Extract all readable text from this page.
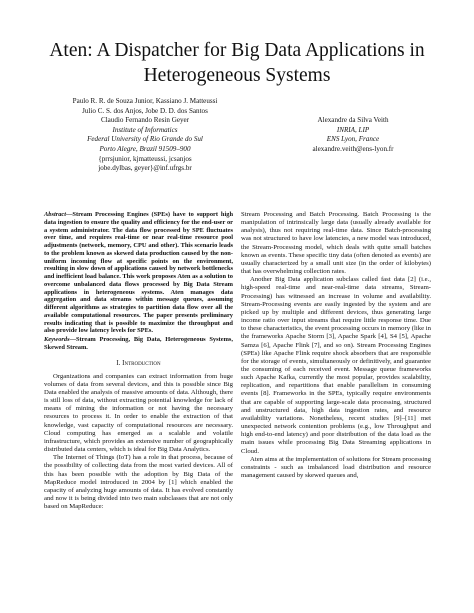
Aten: A Dispatcher for Big Data Applications in Heterogeneous Systems
Paulo R. R. de Souza Junior, Kassiano J. Matteussi
Julio C. S. dos Anjos, Jobe D. D. dos Santos
Claudio Fernando Resin Geyer
Institute of Informatics
Federal University of Rio Grande do Sul
Porto Alegre, Brazil 91509–900
{prrsjunior, kjmatteussi, jcsanjos
jobe.dylbas, geyer}@inf.ufrgs.br
Alexandre da Silva Veith
INRIA, LIP
ENS Lyon, France
alexandre.veith@ens-lyon.fr
Abstract—Stream Processing Engines (SPEs) have to support high data ingestion to ensure the quality and efficiency for the end-user or a system administrator. The data flow processed by SPE fluctuates over time, and requires real-time or near real-time resource pool adjustments (network, memory, CPU and other). This scenario leads to the problem known as skewed data production caused by the non-uniform incoming flow at specific points on the environment, resulting in slow down of applications caused by network bottlenecks and inefficient load balance. This work proposes Aten as a solution to overcome unbalanced data flows processed by Big Data Stream applications in heterogeneous systems. Aten manages data aggregation and data streams within message queues, assuming different algorithms as strategies to partition data flow over all the available computational resources. The paper presents preliminary results indicating that is possible to maximize the throughput and also provide low latency levels for SPEs.
Keywords—Stream Processing, Big Data, Heterogeneous Systems, Skewed Stream.
I. Introduction

Organizations and companies can extract information from huge volumes of data from several devices, and this is possible since Big Data enabled the analysis of massive amounts of data. Although, there is still loss of data, without extracting potential knowledge for lack of means of mining the information or not having the necessary resources to process it. In order to enable the extraction of that knowledge, vast capacity of computational resources are necessary. Cloud computing has emerged as a scalable and volatile infrastructure, which provides an extensive number of geographically distributed data centers, which is ideal for Big Data Analytics.

The Internet of Things (IoT) has a role in that process, because of the possibility of collecting data from the most varied devices. All of this has been possible with the adoption by Big Data of the MapReduce model introduced in 2004 by [1] which enabled the capacity of analyzing huge amounts of data. It has evolved constantly and now it is being divided into two main subclasses that are not only based on MapReduce:

Stream Processing and Batch Processing. Batch Processing is the manipulation of intrinsically large data (usually already available for analysis), thus not requiring real-time data. Since Batch-processing was not structured to have low latencies, a new model was introduced, the Stream-Processing model, which deals with quite small batches known as events. These specific tiny data (often denoted as events) are usually characterized by a small unit size (in the order of kilobytes) that has overwhelming collection rates.

Another Big Data application subclass called fast data [2] (i.e., high-speed real-time and near-real-time data streams, Stream-Processing) has witnessed an increase in volume and availability. Stream-Processing events are easily ingested by the system and are picked up by multiple and different devices, thus generating large income ratio over input streams that require little response time. Due to these characteristics, the event processing occurs in memory (like in the frameworks Apache Storm [3], Apache Spark [4], S4 [5], Apache Samza [6], Apache Flink [7], and so on). Stream Processing Engines (SPEs) like Apache Flink require shock absorbers that are responsible for the storage of events, simultaneously or definitively, and guarantee the consuming of each received event. Message queue frameworks such Apache Kafka, currently the most popular, provides scalability, replication, and repartitions that enable parallelism in consuming events [8]. Frameworks in the SPEs, typically require environments that are capable of supporting large-scale data processing, structured and unstructured data, high data ingestion rates, and resource availability variations. Nonetheless, recent studies [9]–[11] met unexpected network contention problems (e.g., low Throughput and high end-to-end latency) and poor distribution of the data load as the main issues while processing Big Data Streaming applications in Cloud.

Aten aims at the implementation of solutions for Stream processing constraints - such as imbalanced load distribution and resource management caused by skewed queues and,
